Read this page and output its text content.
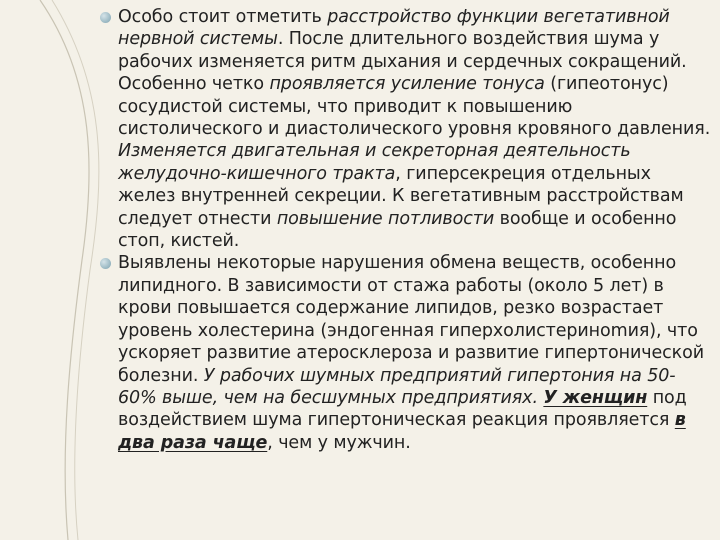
Особо стоит отметить расстройство функции вегетативной нервной системы. После длительного воздействия шума у рабочих изменяется ритм дыхания и сердечных сокращений. Особенно четко проявляется усиление тонуса (гипеотонус) сосудистой системы, что приводит к повышению систолического и диастолического уровня кровяного давления. Изменяется двигательная и секреторная деятельность желудочно-кишечного тракта, гиперсекреция отдельных желез внутренней секреции. К вегетативным расстройствам следует отнести повышение потливости вообще и особенно стоп, кистей.

Выявлены некоторые нарушения обмена веществ, особенно липидного. В зависимости от стажа работы (около 5 лет) в крови повышается содержание липидов, резко возрастает уровень холестерина (эндогенная гиперхолистеринomия), что ускоряет развитие атеросклероза и развитие гипертонической болезни. У рабочих шумных предприятий гипертония на 50-60% выше, чем на бесшумных предприятиях. У женщин под воздействием шума гипертоническая реакция проявляется в два раза чаще, чем у мужчин.
